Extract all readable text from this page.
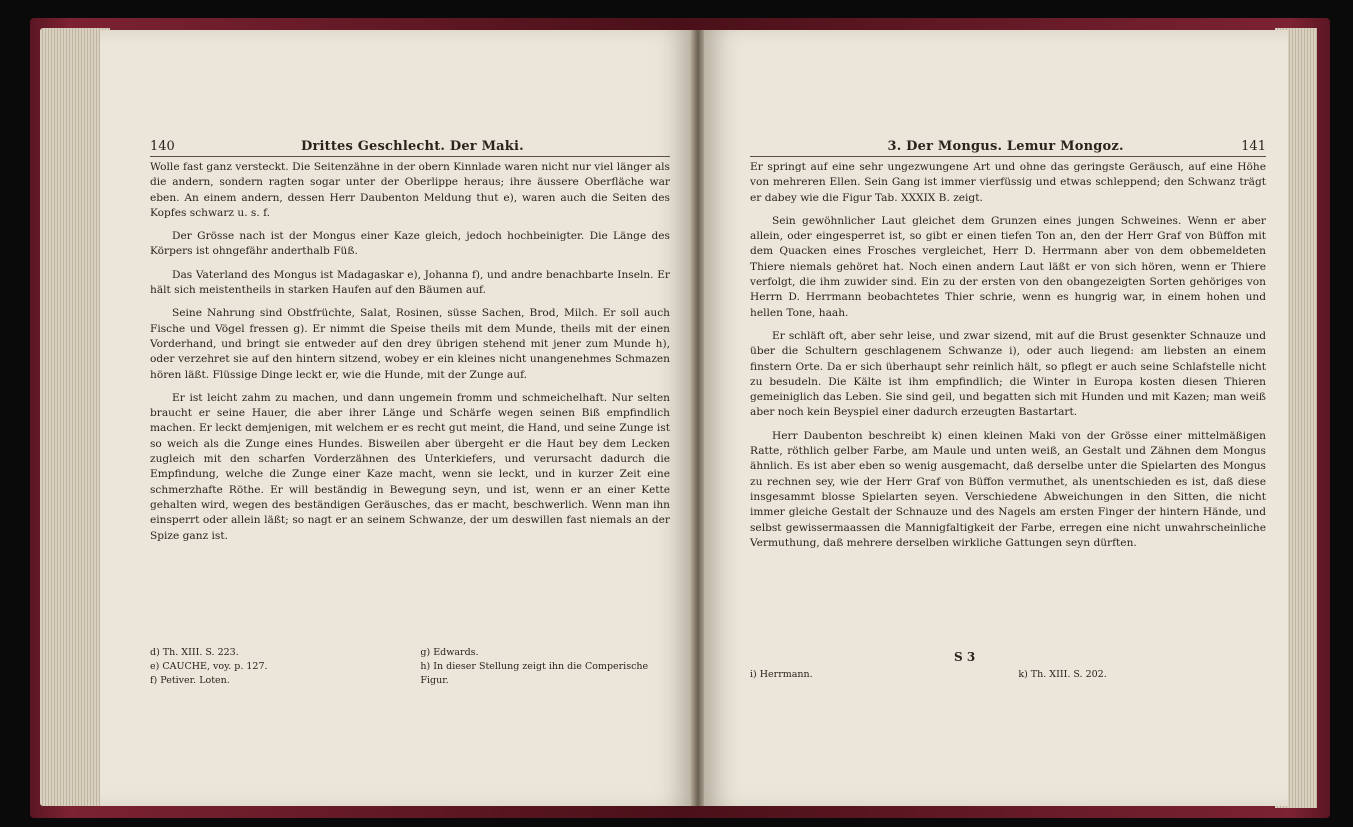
140	Drittes Geschlecht. Der Maki.

Wolle fast ganz versteckt. Die Seitenzähne in der obern Kinnlade waren nicht nur viel länger als die andern, sondern ragten sogar unter der Oberlippe heraus; ihre äussere Oberfläche war eben. An einem andern, dessen Herr Daubenton Meldung thut e), waren auch die Seiten des Kopfes schwarz u. s. f.

Der Grösse nach ist der Mongus einer Kaze gleich, jedoch hochbeinigter. Die Länge des Körpers ist ohngefähr anderthalb Füß.

Das Vaterland des Mongus ist Madagaskar e), Johanna f), und andre benachbarte Inseln. Er hält sich meistentheils in starken Haufen auf den Bäumen auf.

Seine Nahrung sind Obstfrüchte, Salat, Rosinen, süsse Sachen, Brod, Milch. Er soll auch Fische und Vögel fressen g). Er nimmt die Speise theils mit dem Munde, theils mit der einen Vorderhand, und bringt sie entweder auf den drey übrigen stehend mit jener zum Munde h), oder verzehret sie auf den hintern sitzend, wobey er ein kleines nicht unangenehmes Schmazen hören läßt. Flüssige Dinge leckt er, wie die Hunde, mit der Zunge auf.

Er ist leicht zahm zu machen, und dann ungemein fromm und schmeichelhaft. Nur selten braucht er seine Hauer, die aber ihrer Länge und Schärfe wegen seinen Biß empfindlich machen. Er leckt demjenigen, mit welchem er es recht gut meint, die Hand, und seine Zunge ist so weich als die Zunge eines Hundes. Bisweilen aber übergeht er die Haut bey dem Lecken zugleich mit den scharfen Vorderzähnen des Unterkiefers, und verursacht dadurch die Empfindung, welche die Zunge einer Kaze macht, wenn sie leckt, und in kurzer Zeit eine schmerzhafte Röthe. Er will beständig in Bewegung seyn, und ist, wenn er an einer Kette gehalten wird, wegen des beständigen Geräusches, das er macht, beschwerlich. Wenn man ihn einsperrt oder allein läßt; so nagt er an seinem Schwanze, der um deswillen fast niemals an der Spize ganz ist.

d) Th. XIII. S. 223.
e) CAUCHE, voy. p. 127.
f) Petiver. Loten.
g) Edwards.
h) In dieser Stellung zeigt ihn die Comperische Figur.
3. Der Mongus. Lemur Mongoz.	141

Er springt auf eine sehr ungezwungene Art und ohne das geringste Geräusch, auf eine Höhe von mehreren Ellen. Sein Gang ist immer vierfüssig und etwas schleppend; den Schwanz trägt er dabey wie die Figur Tab. XXXIX B. zeigt.

Sein gewöhnlicher Laut gleichet dem Grunzen eines jungen Schweines. Wenn er aber allein, oder eingesperret ist, so gibt er einen tiefen Ton an, den der Herr Graf von Büffon mit dem Quacken eines Frosches vergleichet, Herr D. Herrmann aber von dem obbemeldeten Thiere niemals gehöret hat. Noch einen andern Laut läßt er von sich hören, wenn er Thiere verfolgt, die ihm zuwider sind. Ein zu der ersten von den obangezeigten Sorten gehöriges von Herrn D. Herrmann beobachtetes Thier schrie, wenn es hungrig war, in einem hohen und hellen Tone, haah.

Er schläft oft, aber sehr leise, und zwar sizend, mit auf die Brust gesenkter Schnauze und über die Schultern geschlagenem Schwanze i), oder auch liegend: am liebsten an einem finstern Orte. Da er sich überhaupt sehr reinlich hält, so pflegt er auch seine Schlafstelle nicht zu besudeln. Die Kälte ist ihm empfindlich; die Winter in Europa kosten diesen Thieren gemeiniglich das Leben. Sie sind geil, und begatten sich mit Hunden und mit Kazen; man weiß aber noch kein Beyspiel einer dadurch erzeugten Bastartart.

Herr Daubenton beschreibt k) einen kleinen Maki von der Grösse einer mittelmäßigen Ratte, röthlich gelber Farbe, am Maule und unten weiß, an Gestalt und Zähnen dem Mongus ähnlich. Es ist aber eben so wenig ausgemacht, daß derselbe unter die Spielarten des Mongus zu rechnen sey, wie der Herr Graf von Büffon vermuthet, als unentschieden es ist, daß diese insgesammt blosse Spielarten seyen. Verschiedene Abweichungen in den Sitten, die nicht immer gleiche Gestalt der Schnauze und des Nagels am ersten Finger der hintern Hände, und selbst gewissermaassen die Mannigfaltigkeit der Farbe, erregen eine nicht unwahrscheinliche Vermuthung, daß mehrere derselben wirkliche Gattungen seyn dürften.

S 3
i) Herrmann.	k) Th. XIII. S. 202.
